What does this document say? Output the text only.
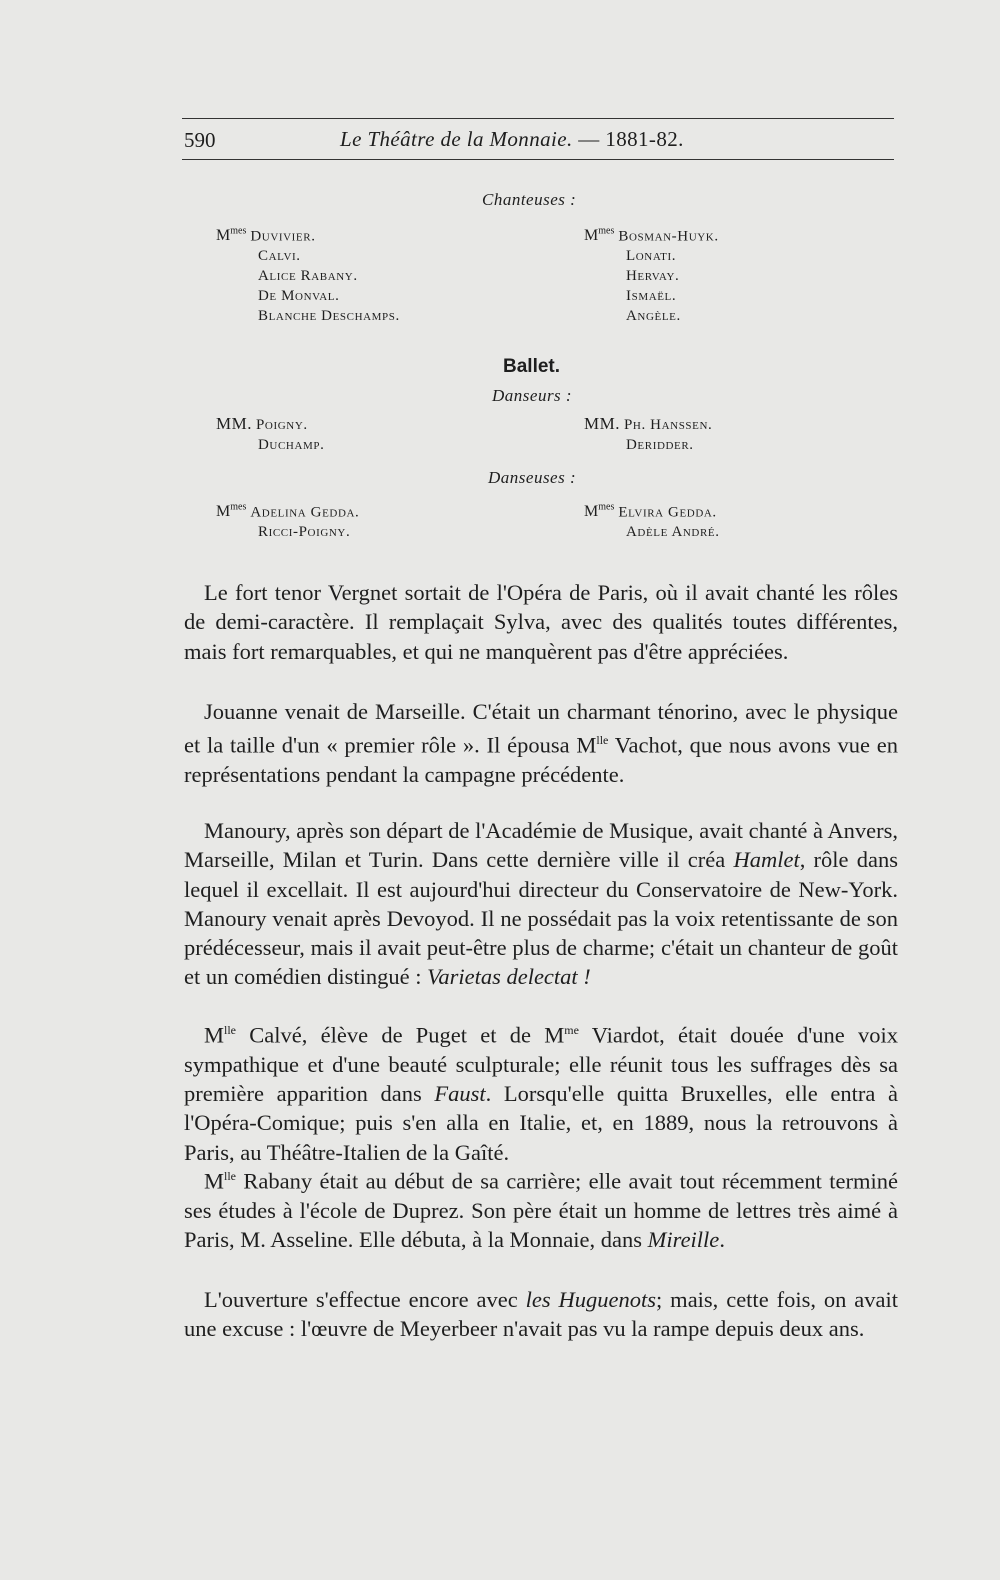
590	Le Théâtre de la Monnaie. — 1881-82.
Chanteuses :
$M^{mes}$ Duvivier.
Calvi.
Alice Rabany.
De Monval.
Blanche Deschamps.
$M^{mes}$ Bosman-Huyk.
Lonati.
Hervay.
Ismaël.
Angèle.
Ballet.
Danseurs :
MM. Poigny.
Duchamp.
MM. Ph. Hanssen.
Deridder.
Danseuses :
$M^{mes}$ Adelina Gedda.
Ricci-Poigny.
$M^{mes}$ Elvira Gedda.
Adèle André.

Le fort tenor Vergnet sortait de l'Opéra de Paris, où il avait chanté les rôles de demi-caractère. Il remplaçait Sylva, avec des qualités toutes différentes, mais fort remarquables, et qui ne manquèrent pas d'être appréciées.

Jouanne venait de Marseille. C'était un charmant ténorino, avec le physique et la taille d'un « premier rôle ». Il épousa $M^{lle}$ Vachot, que nous avons vue en représentations pendant la campagne précédente.

Manoury, après son départ de l'Académie de Musique, avait chanté à Anvers, Marseille, Milan et Turin. Dans cette dernière ville il créa Hamlet, rôle dans lequel il excellait. Il est aujourd'hui directeur du Conservatoire de New-York. Manoury venait après Devoyod. Il ne possédait pas la voix retentissante de son prédécesseur, mais il avait peut-être plus de charme; c'était un chanteur de goût et un comédien distingué : Varietas delectat !

$M^{lle}$ Calvé, élève de Puget et de $M^{me}$ Viardot, était douée d'une voix sympathique et d'une beauté sculpturale; elle réunit tous les suffrages dès sa première apparition dans Faust. Lorsqu'elle quitta Bruxelles, elle entra à l'Opéra-Comique; puis s'en alla en Italie, et, en 1889, nous la retrouvons à Paris, au Théâtre-Italien de la Gaîté.

$M^{lle}$ Rabany était au début de sa carrière; elle avait tout récemment terminé ses études à l'école de Duprez. Son père était un homme de lettres très aimé à Paris, M. Asseline. Elle débuta, à la Monnaie, dans Mireille.

L'ouverture s'effectue encore avec les Huguenots; mais, cette fois, on avait une excuse : l'œuvre de Meyerbeer n'avait pas vu la rampe depuis deux ans.
